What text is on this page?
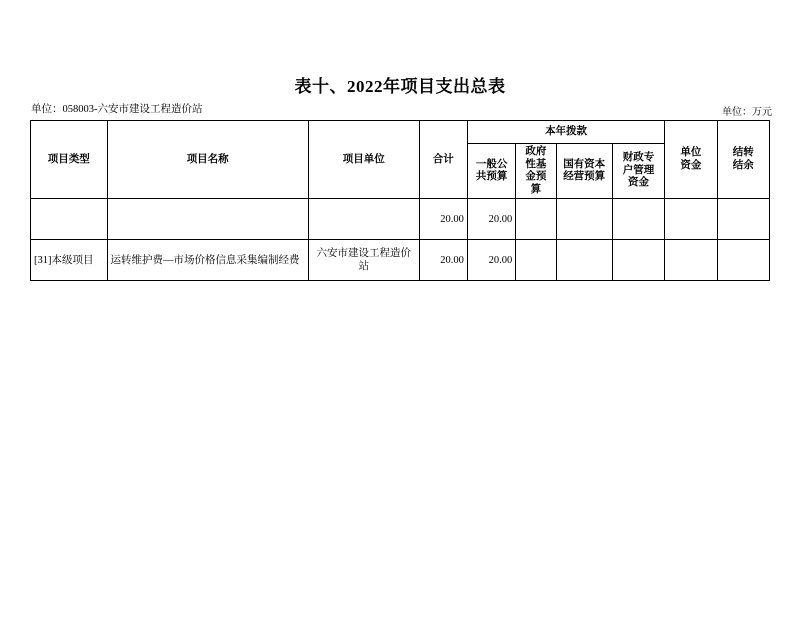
表十、2022年项目支出总表
单位：058003-六安市建设工程造价站	单位：万元
项目类型	项目名称	项目单位	合计	本年拨款				单位资金	结转结余

				一般公共预算	政府性基金预算	国有资本经营预算	财政专户管理资金		

			20.00	20.00					
[31]本级项目	运转维护费—市场价格信息采集编制经费	六安市建设工程造价站	20.00	20.00					
